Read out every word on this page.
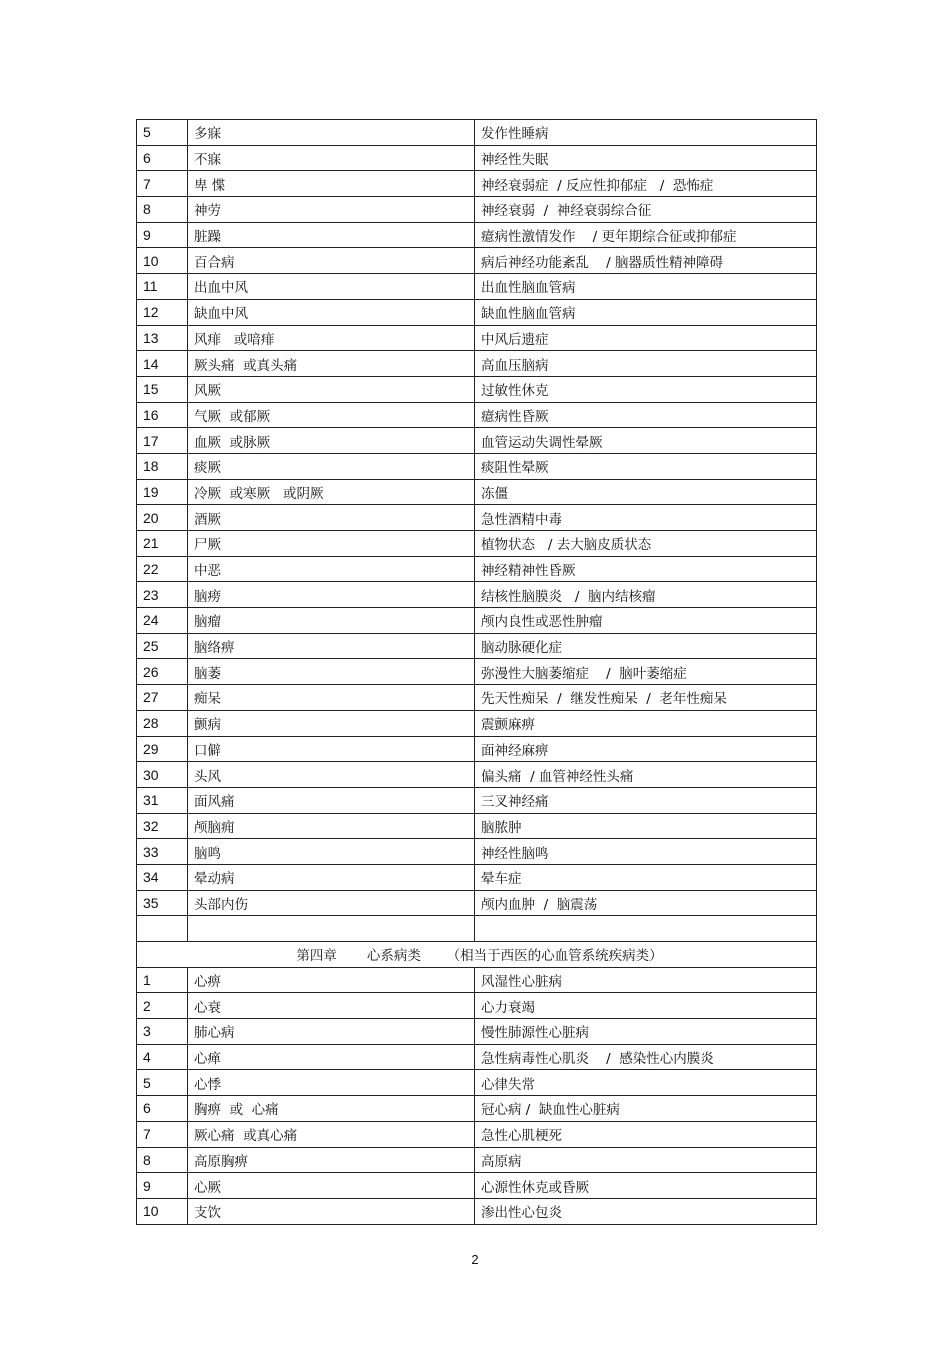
5	多寐	发作性睡病
6	不寐	神经性失眠
7	卑 惵	神经衰弱症  / 反应性抑郁症   /  恐怖症
8	神劳	神经衰弱  /  神经衰弱综合征
9	脏躁	癔病性激情发作    / 更年期综合征或抑郁症
10	百合病	病后神经功能紊乱    / 脑器质性精神障碍
11	出血中风	出血性脑血管病
12	缺血中风	缺血性脑血管病
13	风痱   或喑痱	中风后遗症
14	厥头痛  或真头痛	高血压脑病
15	风厥	过敏性休克
16	气厥  或郁厥	癔病性昏厥
17	血厥  或脉厥	血管运动失调性晕厥
18	痰厥	痰阻性晕厥
19	冷厥  或寒厥   或阴厥	冻僵
20	酒厥	急性酒精中毒
21	尸厥	植物状态   / 去大脑皮质状态
22	中恶	神经精神性昏厥
23	脑痨	结核性脑膜炎   /  脑内结核瘤
24	脑瘤	颅内良性或恶性肿瘤
25	脑络痹	脑动脉硬化症
26	脑萎	弥漫性大脑萎缩症    /  脑叶萎缩症
27	痴呆	先天性痴呆  /  继发性痴呆  /  老年性痴呆
28	颤病	震颤麻痹
29	口僻	面神经麻痹
30	头风	偏头痛  / 血管神经性头痛
31	面风痛	三叉神经痛
32	颅脑痈	脑脓肿
33	脑鸣	神经性脑鸣
34	晕动病	晕车症
35	头部内伤	颅内血肿  /  脑震荡

第四章       心系病类      （相当于西医的心血管系统疾病类）		
1	心痹	风湿性心脏病
2	心衰	心力衰竭
3	肺心病	慢性肺源性心脏病
4	心瘅	急性病毒性心肌炎    /  感染性心内膜炎
5	心悸	心律失常
6	胸痹  或  心痛	冠心病 /  缺血性心脏病
7	厥心痛  或真心痛	急性心肌梗死
8	高原胸痹	高原病
9	心厥	心源性休克或昏厥
10	支饮	渗出性心包炎
2
